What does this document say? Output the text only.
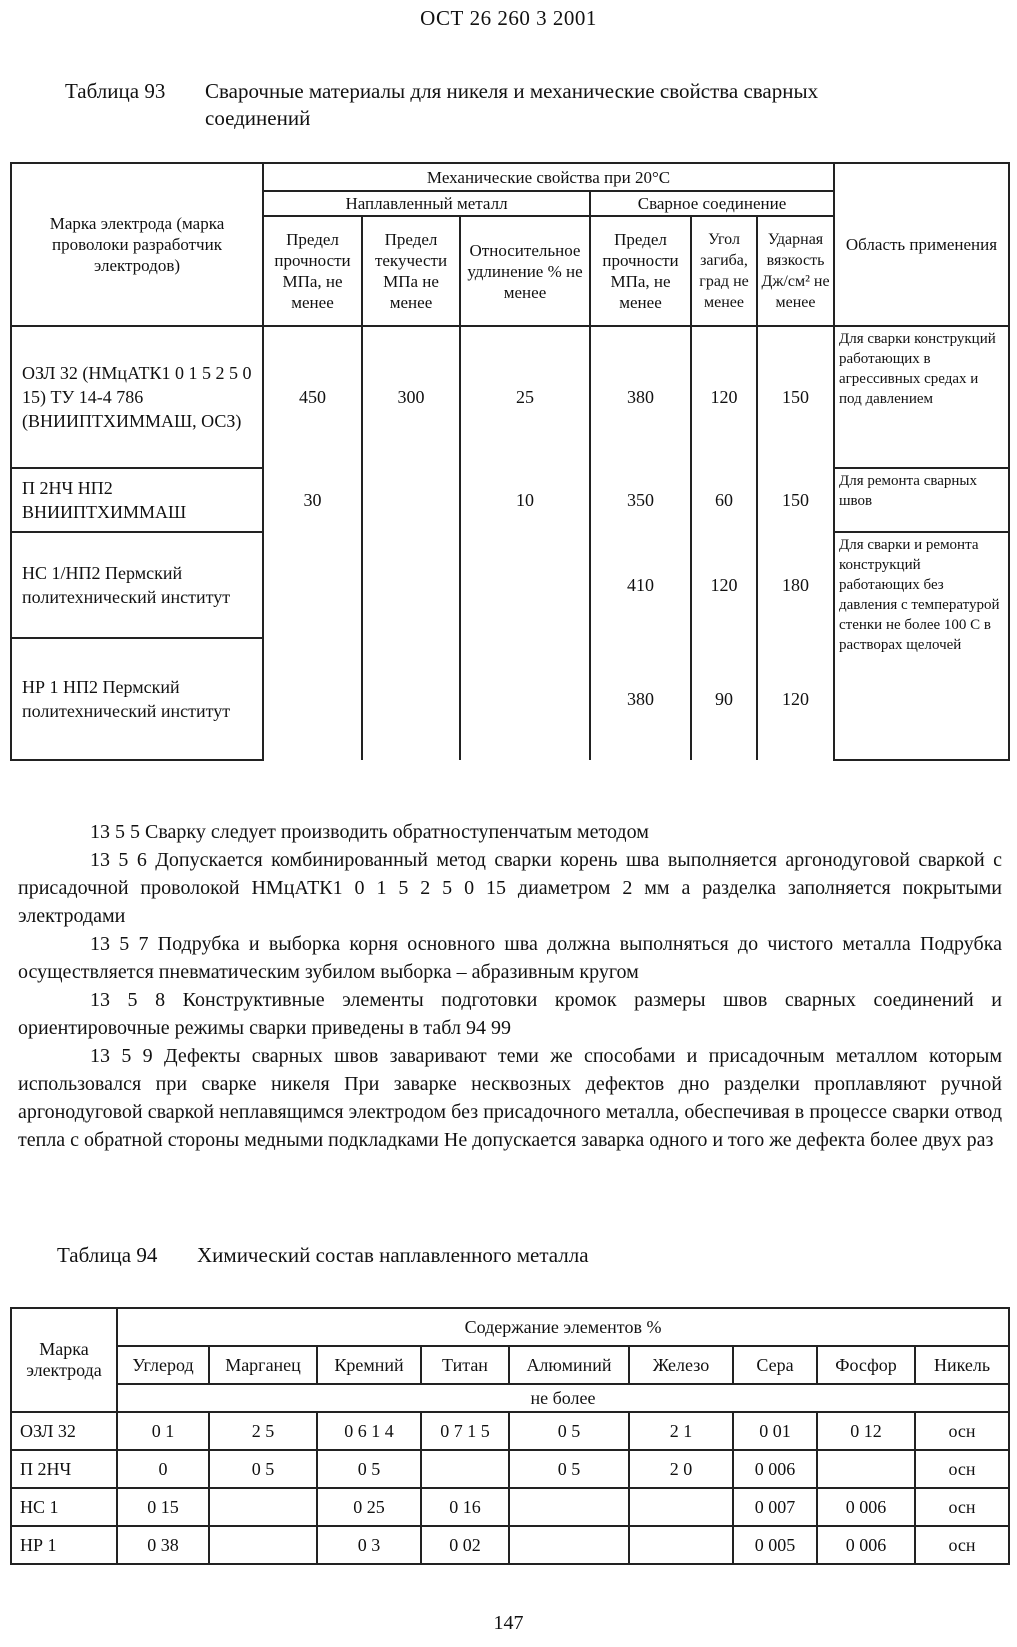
ОСТ 26 260 3 2001
Таблица 93 Сварочные материалы для никеля и механические свойства сварных соединений
Марка электрода (марка проволоки разработчик электродов)	Механические свойства при 20°С						Область применения
	Наплавленный металл			Сварное соединение			
	Предел прочности МПа, не менее	Предел текучести МПа не менее	Относительное удлинение % не менее	Предел прочности МПа, не менее	Угол загиба, град не менее	Ударная вязкость Дж/см² не менее	
ОЗЛ 32 (НМцАТК1 0 1 5 2 5 0 15) ТУ 14-4 786 (ВНИИПТХИММАШ, ОСЗ)	450	300	25	380	120	150	Для сварки конструкций работающих в агрессивных средах и под давлением
П 2НЧ НП2 ВНИИПТХИММАШ	30		10	350	60	150	Для ремонта сварных швов
НС 1/НП2 Пермский политехнический институт				410	120	180	Для сварки и ремонта конструкций работающих без давления с температурой стенки не более 100 С в растворах щелочей
НР 1 НП2 Пермский политехнический институт				380	90	120	

13 5 5 Сварку следует производить обратноступенчатым методом

13 5 6 Допускается комбинированный метод сварки корень шва выполняется аргонодуговой сваркой с присадочной проволокой НМцАТК1 0 1 5 2 5 0 15 диаметром 2 мм а разделка заполняется покрытыми электродами

13 5 7 Подрубка и выборка корня основного шва должна выполняться до чистого металла Подрубка осуществляется пневматическим зубилом выборка – абразивным кругом

13 5 8 Конструктивные элементы подготовки кромок размеры швов сварных соединений и ориентировочные режимы сварки приведены в табл 94 99

13 5 9 Дефекты сварных швов заваривают теми же способами и присадочным металлом которым использовался при сварке никеля При заварке несквозных дефектов дно разделки проплавляют ручной аргонодуговой сваркой неплавящимся электродом без присадочного металла, обеспечивая в процессе сварки отвод тепла с обратной стороны медными подкладками Не допускается заварка одного и того же дефекта более двух раз

Таблица 94 Химический состав наплавленного металла
Марка электрода	Содержание элементов %								
	Углерод	Марганец	Кремний	Титан	Алюминий	Железо	Сера	Фосфор	Никель
	не более								
ОЗЛ 32	0 1	2 5	0 6 1 4	0 7 1 5	0 5	2 1	0 01	0 12	осн
П 2НЧ	0	0 5	0 5		0 5	2 0	0 006		осн
НС 1	0 15		0 25	0 16			0 007	0 006	осн
НР 1	0 38		0 3	0 02			0 005	0 006	осн
147
